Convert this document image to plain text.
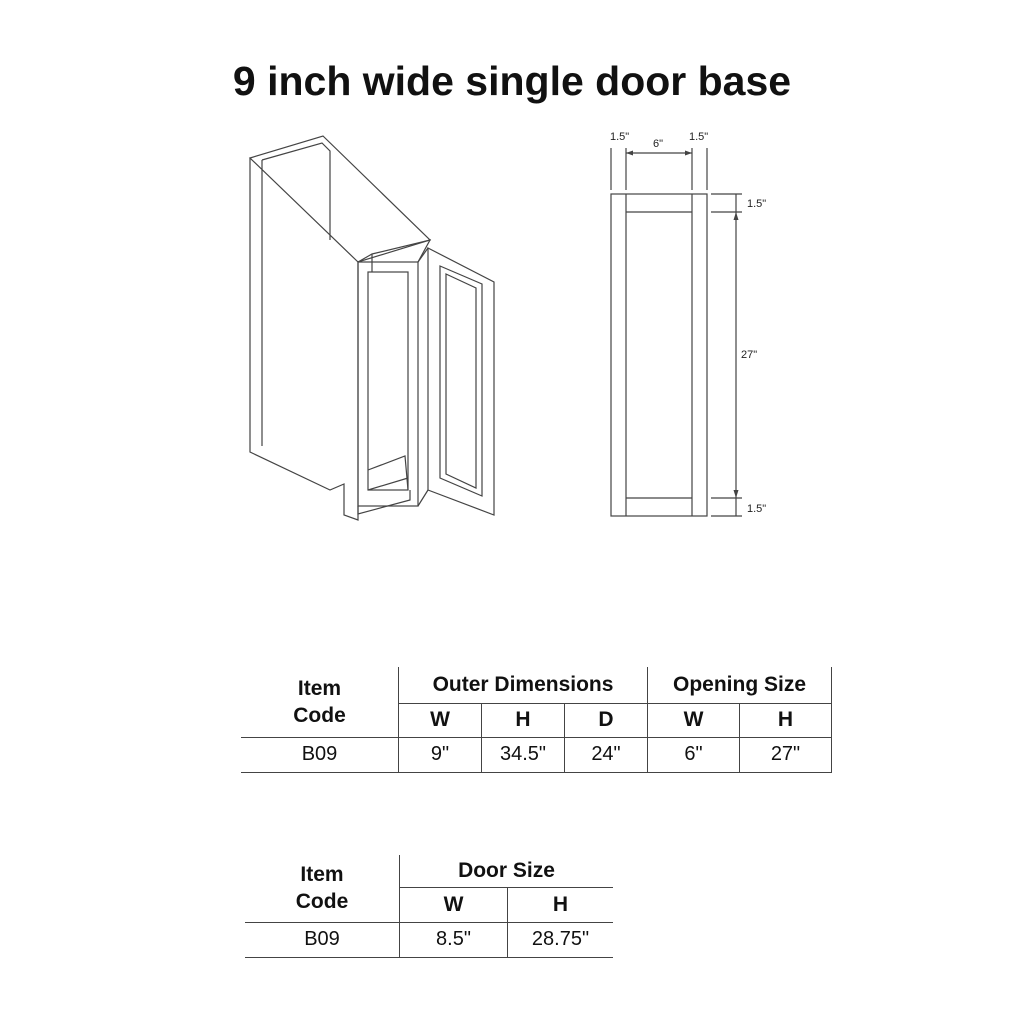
9 inch wide single door base
1.5"
6"
1.5"
1.5"
27"
1.5"
Item
Code	Outer Dimensions			Opening Size	
	W	H	D	W	H
B09	9"	34.5"	24"	6"	27"
Item
Code	Door Size	
	W	H
B09	8.5"	28.75"
